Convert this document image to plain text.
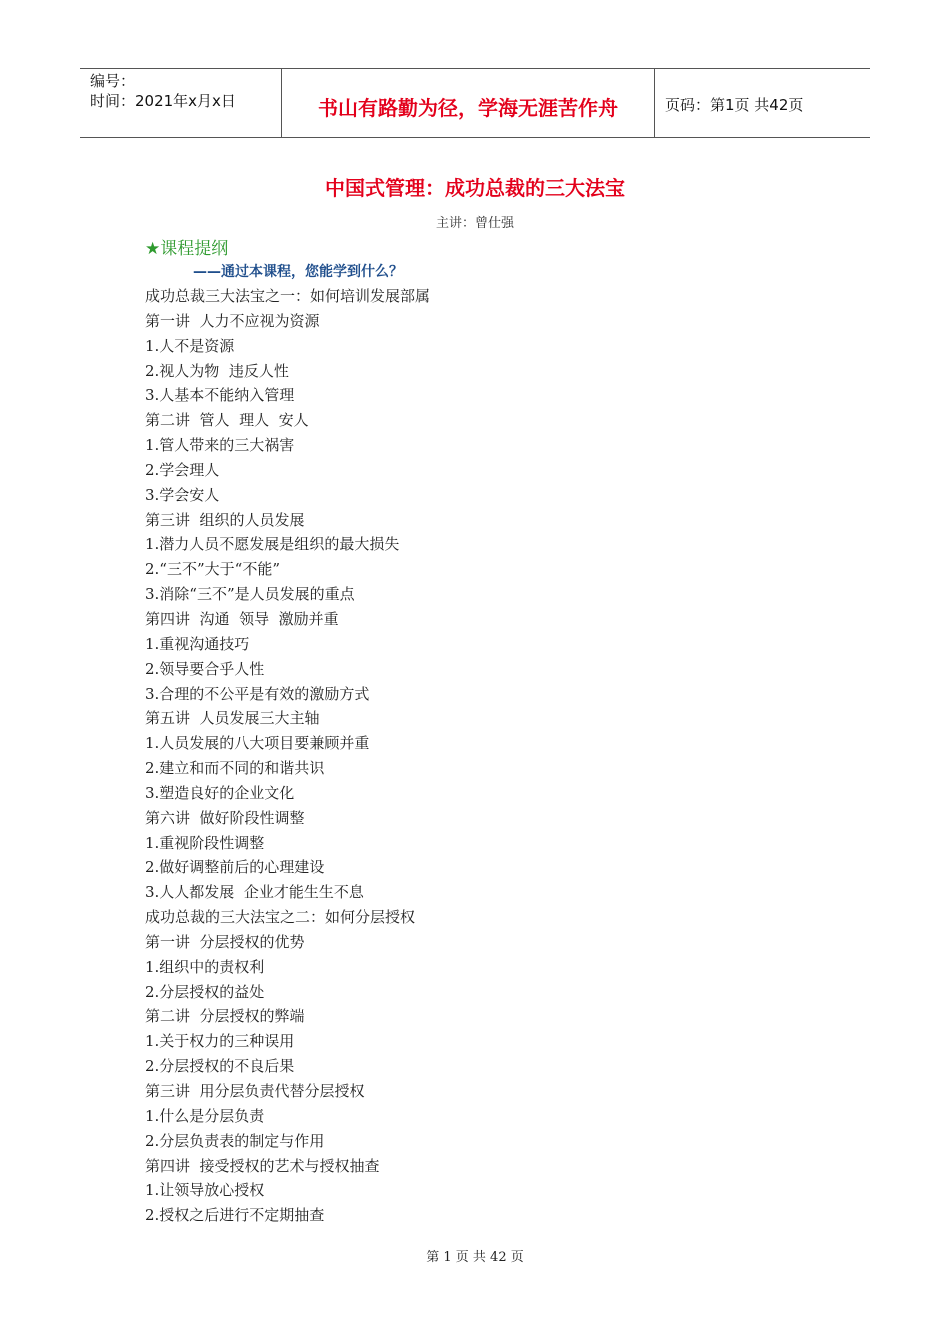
编号：
时间：2021年x月x日	书山有路勤为径，学海无涯苦作舟	页码：第1页 共42页
中国式管理：成功总裁的三大法宝
主讲：曾仕强
★课程提纲
——通过本课程，您能学到什么？
成功总裁三大法宝之一：如何培训发展部属
第一讲  人力不应视为资源
1.人不是资源
2.视人为物  违反人性
3.人基本不能纳入管理
第二讲  管人  理人  安人
1.管人带来的三大祸害
2.学会理人
3.学会安人
第三讲  组织的人员发展
1.潜力人员不愿发展是组织的最大损失
2.“三不”大于“不能”
3.消除“三不”是人员发展的重点
第四讲  沟通  领导  激励并重
1.重视沟通技巧
2.领导要合乎人性
3.合理的不公平是有效的激励方式
第五讲  人员发展三大主轴
1.人员发展的八大项目要兼顾并重
2.建立和而不同的和谐共识
3.塑造良好的企业文化
第六讲  做好阶段性调整
1.重视阶段性调整
2.做好调整前后的心理建设
3.人人都发展  企业才能生生不息
成功总裁的三大法宝之二：如何分层授权
第一讲  分层授权的优势
1.组织中的责权利
2.分层授权的益处
第二讲  分层授权的弊端
1.关于权力的三种误用
2.分层授权的不良后果
第三讲  用分层负责代替分层授权
1.什么是分层负责
2.分层负责表的制定与作用
第四讲  接受授权的艺术与授权抽查
1.让领导放心授权
2.授权之后进行不定期抽查
第 1 页 共 42 页
